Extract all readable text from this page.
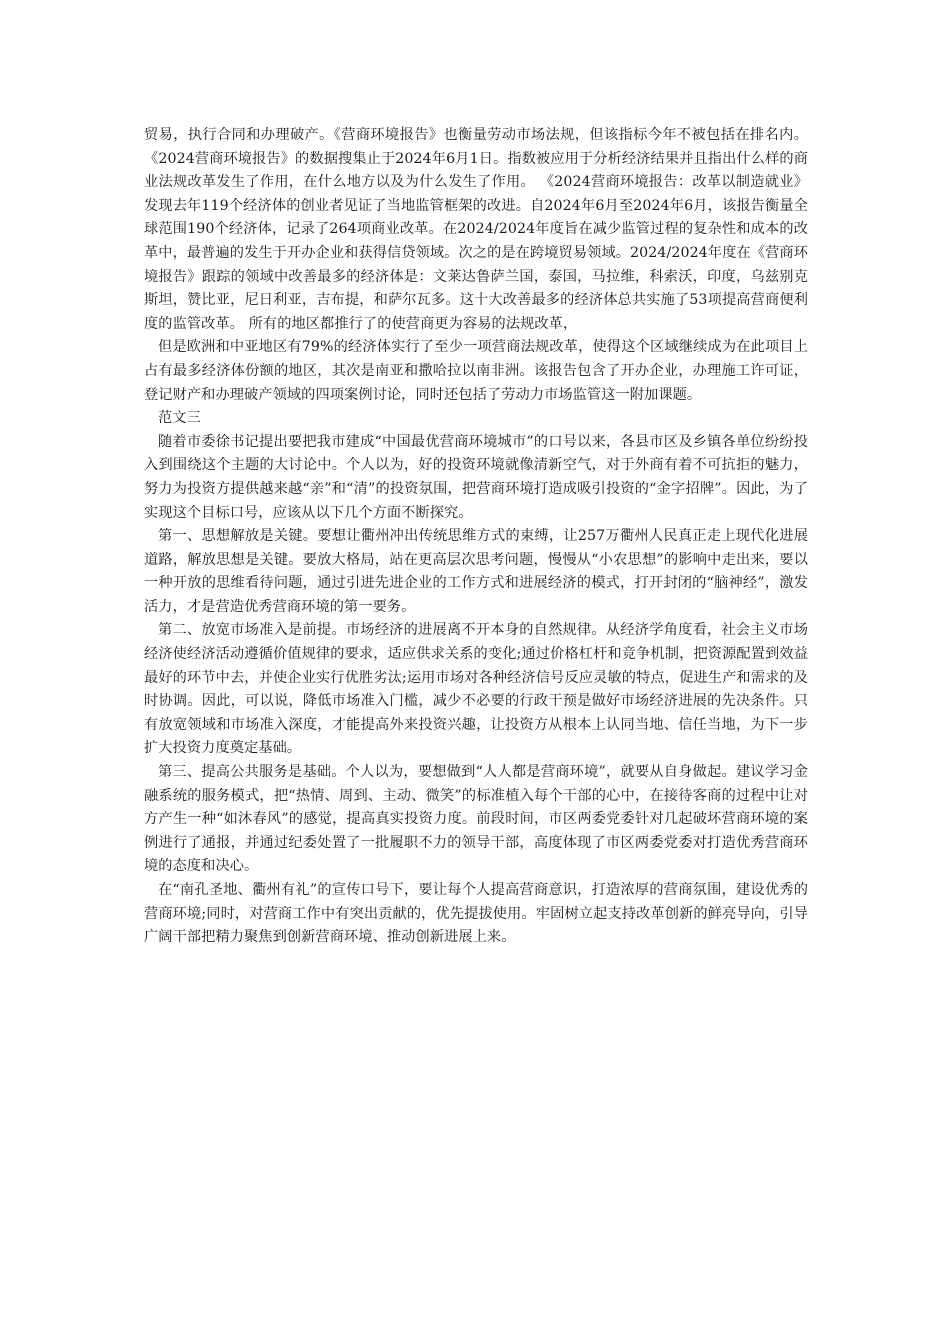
贸易，执行合同和办理破产。《营商环境报告》也衡量劳动市场法规，但该指标今年不被包括在排名内。《2024营商环境报告》的数据搜集止于2024年6月1日。指数被应用于分析经济结果并且指出什么样的商业法规改革发生了作用，在什么地方以及为什么发生了作用。 《2024营商环境报告：改革以制造就业》发现去年119个经济体的创业者见证了当地监管框架的改进。自2024年6月至2024年6月，该报告衡量全球范围190个经济体，记录了264项商业改革。在2024/2024年度旨在减少监管过程的复杂性和成本的改革中，最普遍的发生于开办企业和获得信贷领域。次之的是在跨境贸易领域。2024/2024年度在《营商环境报告》跟踪的领域中改善最多的经济体是：文莱达鲁萨兰国，泰国，马拉维，科索沃，印度，乌兹别克斯坦，赞比亚，尼日利亚，吉布提，和萨尔瓦多。这十大改善最多的经济体总共实施了53项提高营商便利度的监管改革。 所有的地区都推行了的使营商更为容易的法规改革，

但是欧洲和中亚地区有79%的经济体实行了至少一项营商法规改革，使得这个区域继续成为在此项目上占有最多经济体份额的地区，其次是南亚和撒哈拉以南非洲。该报告包含了开办企业，办理施工许可证，登记财产和办理破产领域的四项案例讨论，同时还包括了劳动力市场监管这一附加课题。

范文三

随着市委徐书记提出要把我市建成“中国最优营商环境城市”的口号以来，各县市区及乡镇各单位纷纷投入到围绕这个主题的大讨论中。个人以为，好的投资环境就像清新空气，对于外商有着不可抗拒的魅力，努力为投资方提供越来越“亲”和“清”的投资氛围，把营商环境打造成吸引投资的“金字招牌”。因此，为了实现这个目标口号，应该从以下几个方面不断探究。

第一、思想解放是关键。要想让衢州冲出传统思维方式的束缚，让257万衢州人民真正走上现代化进展道路，解放思想是关键。要放大格局，站在更高层次思考问题，慢慢从“小农思想”的影响中走出来，要以一种开放的思维看待问题，通过引进先进企业的工作方式和进展经济的模式，打开封闭的“脑神经”，激发活力，才是营造优秀营商环境的第一要务。

第二、放宽市场准入是前提。市场经济的进展离不开本身的自然规律。从经济学角度看，社会主义市场经济使经济活动遵循价值规律的要求，适应供求关系的变化;通过价格杠杆和竞争机制，把资源配置到效益最好的环节中去，并使企业实行优胜劣汰;运用市场对各种经济信号反应灵敏的特点，促进生产和需求的及时协调。因此，可以说，降低市场准入门槛，减少不必要的行政干预是做好市场经济进展的先决条件。只有放宽领域和市场准入深度，才能提高外来投资兴趣，让投资方从根本上认同当地、信任当地，为下一步扩大投资力度奠定基础。

第三、提高公共服务是基础。个人以为，要想做到“人人都是营商环境”，就要从自身做起。建议学习金融系统的服务模式，把“热情、周到、主动、微笑”的标准植入每个干部的心中，在接待客商的过程中让对方产生一种“如沐春风”的感觉，提高真实投资力度。前段时间，市区两委党委针对几起破坏营商环境的案例进行了通报，并通过纪委处置了一批履职不力的领导干部，高度体现了市区两委党委对打造优秀营商环境的态度和决心。

在“南孔圣地、衢州有礼”的宣传口号下，要让每个人提高营商意识，打造浓厚的营商氛围，建设优秀的营商环境;同时，对营商工作中有突出贡献的，优先提拔使用。牢固树立起支持改革创新的鲜亮导向，引导广阔干部把精力聚焦到创新营商环境、推动创新进展上来。
